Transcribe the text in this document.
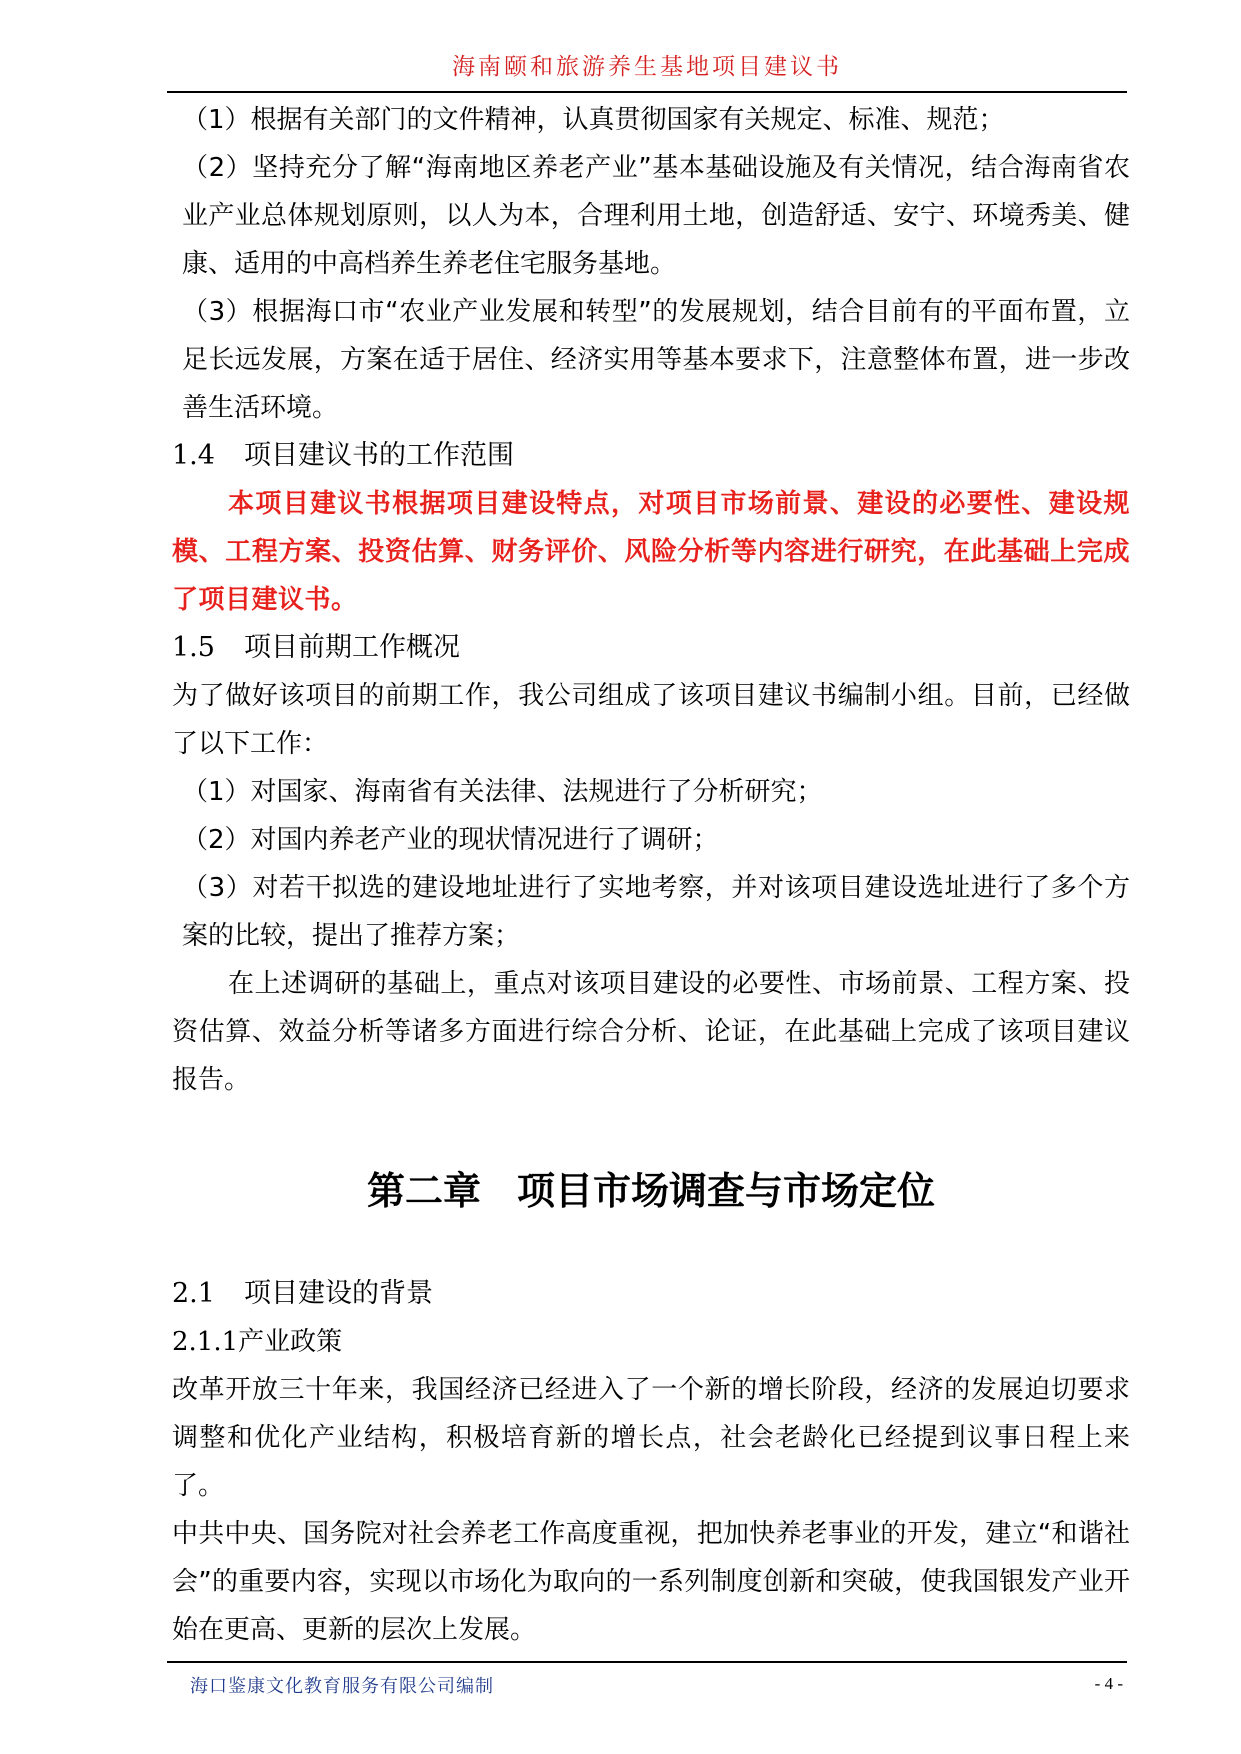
海南颐和旅游养生基地项目建议书

（1）根据有关部门的文件精神，认真贯彻国家有关规定、标准、规范；

（2）坚持充分了解“海南地区养老产业”基本基础设施及有关情况，结合海南省农业产业总体规划原则，以人为本，合理利用土地，创造舒适、安宁、环境秀美、健康、适用的中高档养生养老住宅服务基地。

（3）根据海口市“农业产业发展和转型”的发展规划，结合目前有的平面布置，立足长远发展，方案在适于居住、经济实用等基本要求下，注意整体布置，进一步改善生活环境。

1.4 项目建议书的工作范围

本项目建议书根据项目建设特点，对项目市场前景、建设的必要性、建设规模、工程方案、投资估算、财务评价、风险分析等内容进行研究，在此基础上完成了项目建议书。

1.5 项目前期工作概况

为了做好该项目的前期工作，我公司组成了该项目建议书编制小组。目前，已经做了以下工作：

（1）对国家、海南省有关法律、法规进行了分析研究；

（2）对国内养老产业的现状情况进行了调研；

（3）对若干拟选的建设地址进行了实地考察，并对该项目建设选址进行了多个方案的比较，提出了推荐方案；

在上述调研的基础上，重点对该项目建设的必要性、市场前景、工程方案、投资估算、效益分析等诸多方面进行综合分析、论证，在此基础上完成了该项目建议报告。

第二章 项目市场调查与市场定位

2.1 项目建设的背景

2.1.1产业政策

改革开放三十年来，我国经济已经进入了一个新的增长阶段，经济的发展迫切要求调整和优化产业结构，积极培育新的增长点，社会老龄化已经提到议事日程上来了。

中共中央、国务院对社会养老工作高度重视，把加快养老事业的开发，建立“和谐社会”的重要内容，实现以市场化为取向的一系列制度创新和突破，使我国银发产业开始在更高、更新的层次上发展。

海口鉴康文化教育服务有限公司编制	- 4 -
